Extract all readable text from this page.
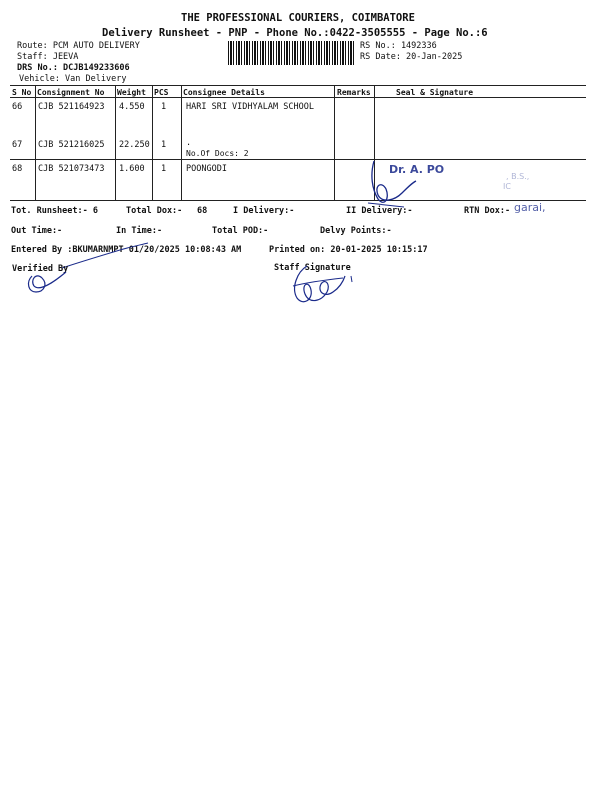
THE PROFESSIONAL COURIERS, COIMBATORE
Delivery Runsheet - PNP - Phone No.:0422-3505555 - Page No.:6
Route: PCM AUTO DELIVERY
Staff: JEEVA
DRS No.: DCJB149233606
Vehicle: Van Delivery
RS No.: 1492336
RS Date: 20-Jan-2025
S No Consignment No Weight PCS Consignee Details	Remarks	Seal & Signature
66 CJB 521164923 4.550 1 HARI SRI VIDHYALAM SCHOOL
67 CJB 521216025 22.250 1 .
No.Of Docs: 2
68 CJB 521073473 1.600 1 POONGODI	Dr. A. PO
, B.S.,
IC
garai,
Tot. Runsheet:- 6	Total Dox:- 68	I Delivery:-	II Delivery:-	RTN Dox:-
Out Time:-	In Time:-	Total POD:-	Delvy Points:-
Entered By :BKUMARNMPT 01/20/2025 10:08:43 AM	Printed on: 20-01-2025 10:15:17
Verified By	Staff Signature
